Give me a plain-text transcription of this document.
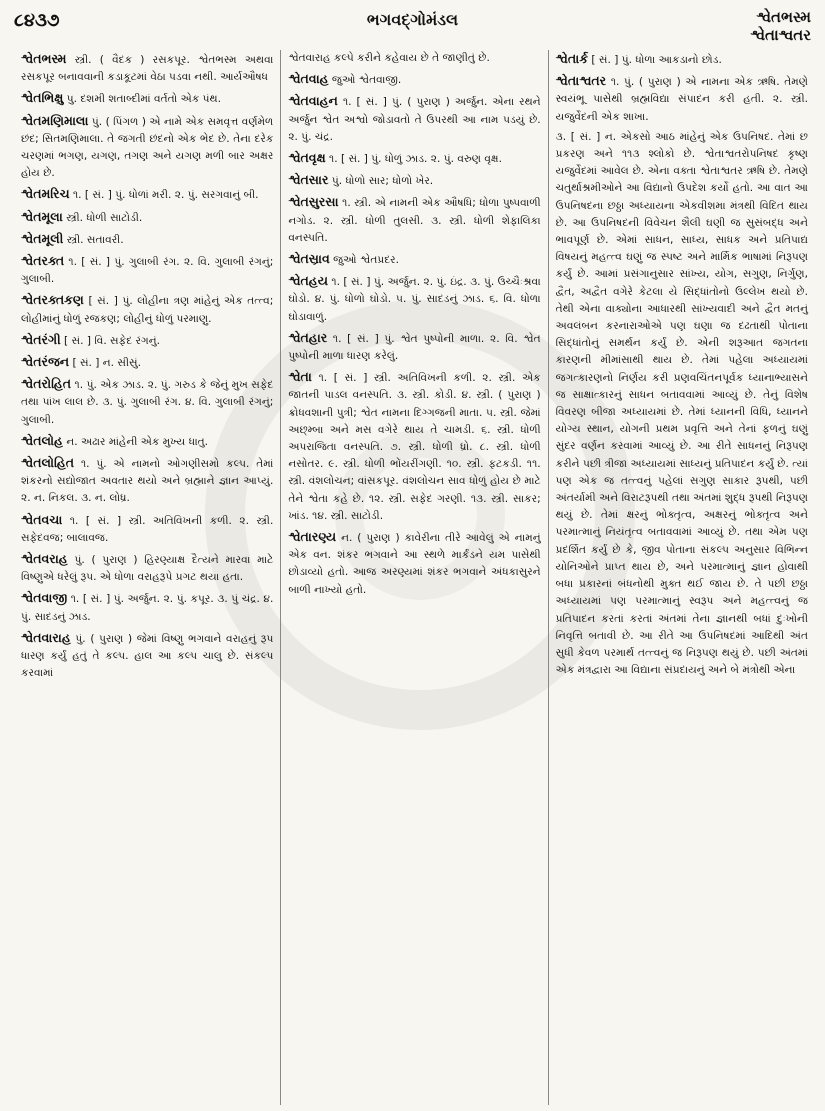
૮૪૩૭	ભગવદ્‌ગોમંડલ	શ્વેતભસ્મ
શ્વેતાશ્વતર

શ્વેતભસ્મ સ્ત્રી. ( વૈદક ) રસકપૂર. શ્વેતભસ્મ અથવા રસકપૂર બનાવવાની કડાકૂટમાં વેઠા પડવા નથી. આર્યઔષધ

શ્વેતભિક્ષુ પુ. દશમી શતાબ્દીમાં વર્તતો એક પંથ.

શ્વેતમણિમાલા પું. ( પિંગળ ) એ નામે એક સમવૃત્ત વર્ણમેળ છંદ; સિતમણિમાલા. તે જગતી છંદનો એક ભેદ છે. તેના દરેક ચરણમાં ભગણ, યગણ, તગણ અને યગણ મળી બાર અક્ષર હોય છે.

શ્વેતમરિચ ૧. [ સં. ] પું. ધોળાં મરી. ૨. પું. સરગવાનું બી.

શ્વેતમૂલા સ્ત્રી. ધોળી સાટોડી.

શ્વેતમૂલી સ્ત્રી. સતાવરી.

શ્વેતરક્ત ૧. [ સં. ] પું. ગુલાબી રંગ. ૨. વિ. ગુલાબી રંગનું; ગુલાબી.

શ્વેતરક્તકણ [ સં. ] પું. લોહીના ત્રણ માંહેનું એક તત્ત્વ; લોહીમાંનું ધોળું રજકણ; લોહીનું ધોળું પરમાણુ.

શ્વેતરંગી [ સં. ] વિ. સફેદ રંગનું.

શ્વેતરંજન [ સં. ] ન. સીસું.

શ્વેતરોહિત ૧. પું. એક ઝાડ. ૨. પું. ગરુડ કે જેનું મુખ સફેદ તથા પાંખ લાલ છે. ૩. પું. ગુલાબી રંગ. ૪. વિ. ગુલાબી રંગનું; ગુલાબી.

શ્વેતલોહ ન. અઢાર માંહેની એક મુખ્ય ધાતુ.

શ્વેતલોહિત ૧. પું. એ નામનો ઓગણીસમો કલ્પ. તેમાં શંકરનો સદ્યોજાત અવતાર થયો અને બ્રહ્માને જ્ઞાન આપ્યું. ૨. ન. નિકલ. ૩. ન. લોધ્ર.

શ્વેતવચા ૧. [ સં. ] સ્ત્રી. અતિવિખની કળી. ૨. સ્ત્રી. સફેદવજ; બાલાવજ.

શ્વેતવરાહ પું. ( પુરાણ ) હિરણ્યાક્ષ દૈત્યને મારવા માટે વિષ્ણુએ ધરેલું રૂપ. એ ધોળા વરાહરૂપે પ્રગટ થયા હતા.

શ્વેતવાજી ૧. [ સં. ] પું. અર્જુન. ૨. પું. કપૂર. ૩. પું ચંદ્ર. ૪. પું. સાદડનું ઝાડ.

શ્વેતવારાહ પું. ( પુરાણ ) જેમાં વિષ્ણુ ભગવાને વરાહનું રૂપ ધારણ કર્યું હતું તે કલ્પ. હાલ આ કલ્પ ચાલુ છે. સંકલ્પ કરવામાં

શ્વેતવારાહ કલ્પે કરીને કહેવાય છે તે જાણીતું છે.

શ્વેતવાહ જુઓ શ્વેતવાજી.

શ્વેતવાહન ૧. [ સં. ] પું. ( પુરાણ ) અર્જુન. એના રથને અર્જુન શ્વેત અશ્વો જોડાવતો તે ઉપરથી આ નામ પડયું છે. ૨. પું. ચંદ્ર.

શ્વેતવૃક્ષ ૧. [ સં. ] પું. ધોળું ઝાડ. ૨. પું. વરુણ વૃક્ષ.

શ્વેતસાર પું. ધોળો સાર; ધોળો ખેર.

શ્વેતસુરસા ૧. સ્ત્રી. એ નામની એક ઔષધિ; ધોળા પુષ્પવાળી નગોડ. ૨. સ્ત્રી. ધોળી તુલસી. ૩. સ્ત્રી. ધોળી શેફાલિકા વનસ્પતિ.

શ્વેતસ્રાવ જુઓ શ્વેતપ્રદર.

શ્વેતહય ૧. [ સં. ] પું. અર્જુન. ૨. પું. ઇંદ્ર. ૩. પું. ઉચ્ચૈઃશ્રવા ઘોડો. ૪. પું. ધોળો ઘોડો. ૫. પું. સાદડનું ઝાડ. ૬. વિ. ધોળા ઘોડાવાળું.

શ્વેતહાર ૧. [ સં. ] પું. શ્વેત પુષ્પોની માળા. ૨. વિ. શ્વેત પુષ્પોની માળા ધારણ કરેલું.

શ્વેતા ૧. [ સં. ] સ્ત્રી. અતિવિખની કળી. ૨. સ્ત્રી. એક જાતની પાડલ વનસ્પતિ. ૩. સ્ત્રી. કોડી. ૪. સ્ત્રી. ( પુરાણ ) ક્રોધવશાની પુત્રી; શ્વેત નામના દિગ્ગજની માતા. ૫. સ્ત્રી. જેમાં અછ્મ્બા અને મસ વગેરે થાય તે ચામડી. ૬. સ્ત્રી. ધોળી અપરાજિતા વનસ્પતિ. ૭. સ્ત્રી. ધોળી ધ્રો. ૮. સ્ત્રી. ધોળી નસોતર. ૯. સ્ત્રી. ધોળી ભોંયરીંગણી. ૧૦. સ્ત્રી. ફટકડી. ૧૧. સ્ત્રી. વંશલોચન; વાંસકપૂર. વંશલોચન સાવ ધોળું હોય છે માટે તેને શ્વેતા કહે છે. ૧૨. સ્ત્રી. સફેદ ગરણી. ૧૩. સ્ત્રી. સાકર; ખાંડ. ૧૪. સ્ત્રી. સાટોડી.

શ્વેતારણ્ય ન. ( પુરાણ ) કાવેરીના તીરે આવેલું એ નામનું એક વન. શંકર ભગવાને આ સ્થળે માર્કંડને યમ પાસેથી છોડાવ્યો હતો. આજ અરણ્યમાં શંકર ભગવાને અંધકાસુરને બાળી નાખ્યો હતો.

શ્વેતાર્ક [ સં. ] પું. ધોળા આકડાનો છોડ.

શ્વેતાશ્વતર ૧. પું. ( પુરાણ ) એ નામના એક ઋષિ. તેમણે સ્વયંભૂ પાસેથી બ્રહ્મવિદ્યા સંપાદન કરી હતી. ૨. સ્ત્રી. યજુર્વેદની એક શાખા.

૩. [ સં. ] ન. એકસો આઠ માંહેનું એક ઉપનિષદ. તેમાં છ પ્રકરણ અને ૧૧૩ શ્લોકો છે. શ્વેતાશ્વતરોપનિષદ કૃષ્ણ યજુર્વેદમાં આવેલ છે. એના વક્તા શ્વેતાશ્વતર ઋષિ છે. તેમણે ચતુર્થાશ્રમીઓને આ વિદ્યાનો ઉપદેશ કર્યો હતો. આ વાત આ ઉપનિષદના છઠ્ઠા અધ્યાયના એકવીશમા મંત્રથી વિદિત થાય છે. આ ઉપનિષદની વિવેચન શૈલી ઘણી જ સુસંબદ્ધ અને ભાવપૂર્ણ છે. એમાં સાધન, સાધ્ય, સાધક અને પ્રતિપાદ્ય વિષયનું મહત્ત્વ ઘણું જ સ્પષ્ટ અને માર્મિક ભાષામાં નિરૂપણ કર્યું છે. આમાં પ્રસંગાનુસાર સાંખ્ય, યોગ, સગુણ, નિર્ગુણ, દ્વૈત, અદ્વૈત વગેરે કેટલા યે સિદ્ધાંતોનો ઉલ્લેખ થયો છે. તેથી એના વાક્યોના આધારથી સાંખ્યવાદી અને દ્વૈત મતનું અવલંબન કરનારાઓએ પણ ઘણા જ દઢતાથી પોતાના સિદ્ધાંતોનું સમર્થન કર્યું છે. એની શરૂઆત જગતના કારણની મીમાંસાથી થાય છે. તેમાં પહેલા અધ્યાયમાં જગત્કારણનો નિર્ણય કરી પ્રણવચિંતનપૂર્વક ધ્યાનાભ્યાસને જ સાક્ષાત્કારનું સાધન બતાવવામાં આવ્યું છે. તેનું વિશેષ વિવરણ બીજા અધ્યાયમાં છે. તેમાં ધ્યાનની વિધિ, ધ્યાનને યોગ્ય સ્થાન, યોગની પ્રથમ પ્રવૃત્તિ અને તેનાં ફળનું ઘણું સુંદર વર્ણન કરવામાં આવ્યું છે. આ રીતે સાધનનું નિરૂપણ કરીને પછી ત્રીજા અધ્યાયમાં સાધ્યનું પ્રતિપાદન કર્યું છે. ત્યાં પણ એક જ તત્ત્વનું પહેલાં સગુણ સાકાર રૂપથી, પછી અંતર્યામી અને વિરાટરૂપથી તથા અંતમાં શુદ્ધ રૂપથી નિરૂપણ થયું છે. તેમાં ક્ષરનું ભોક્તૃત્વ, અક્ષરનું ભોક્તૃત્વ અને પરમાત્માનું નિયંતૃત્વ બતાવવામાં આવ્યું છે. તથા એમ પણ પ્રદર્શિત કર્યું છે કે, જીવ પોતાના સંકલ્પ અનુસાર વિભિન્ન યોનિઓને પ્રાપ્ત થાય છે, અને પરમાત્માનું જ્ઞાન હોવાથી બધા પ્રકારનાં બંધનોથી મુક્ત થઈ જાય છે. તે પછી છઠ્ઠા અધ્યાયમાં પણ પરમાત્માનું સ્વરૂપ અને મહત્ત્વનું જ પ્રતિપાદન કરતાં કરતાં અંતમાં તેના જ્ઞાનથી બધાં દુઃખોની નિવૃત્તિ બતાવી છે. આ રીતે આ ઉપનિષદમાં આદિથી અંત સુધી કેવળ પરમાર્થ તત્ત્વનું જ નિરૂપણ થયું છે. પછી અંતમાં એક મંત્રદ્વારા આ વિદ્યાના સંપ્રદાયનું અને બે મંત્રોથી એના
